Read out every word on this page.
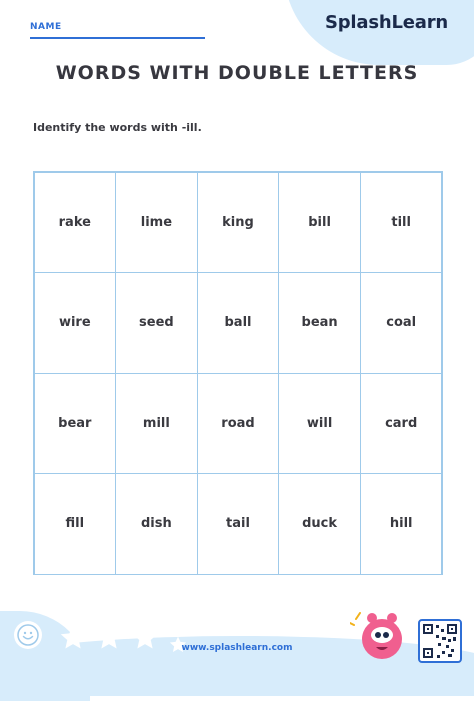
SplashLearn
NAME
WORDS WITH DOUBLE LETTERS
Identify the words with -ill.
rake	lime	king	bill	till
wire	seed	ball	bean	coal
bear	mill	road	will	card
fill	dish	tail	duck	hill
www.splashlearn.com
